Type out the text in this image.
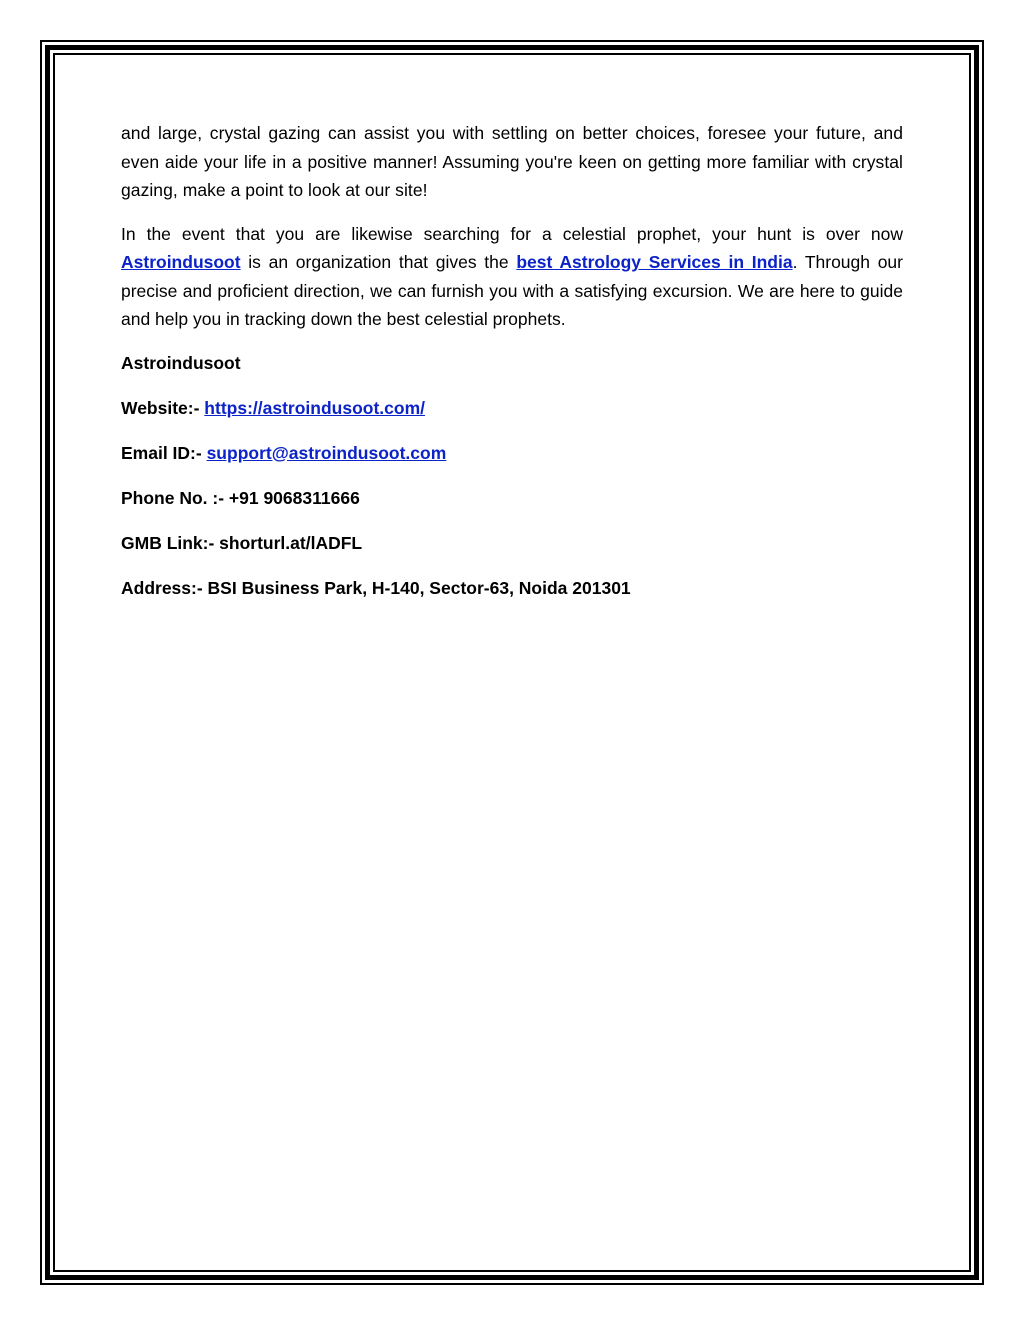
and large, crystal gazing can assist you with settling on better choices, foresee your future, and even aide your life in a positive manner! Assuming you're keen on getting more familiar with crystal gazing, make a point to look at our site!

In the event that you are likewise searching for a celestial prophet, your hunt is over now Astroindusoot is an organization that gives the best Astrology Services in India. Through our precise and proficient direction, we can furnish you with a satisfying excursion. We are here to guide and help you in tracking down the best celestial prophets.

Astroindusoot

Website:- https://astroindusoot.com/

Email ID:- support@astroindusoot.com

Phone No. :- +91 9068311666

GMB Link:- shorturl.at/lADFL

Address:- BSI Business Park, H-140, Sector-63, Noida 201301
